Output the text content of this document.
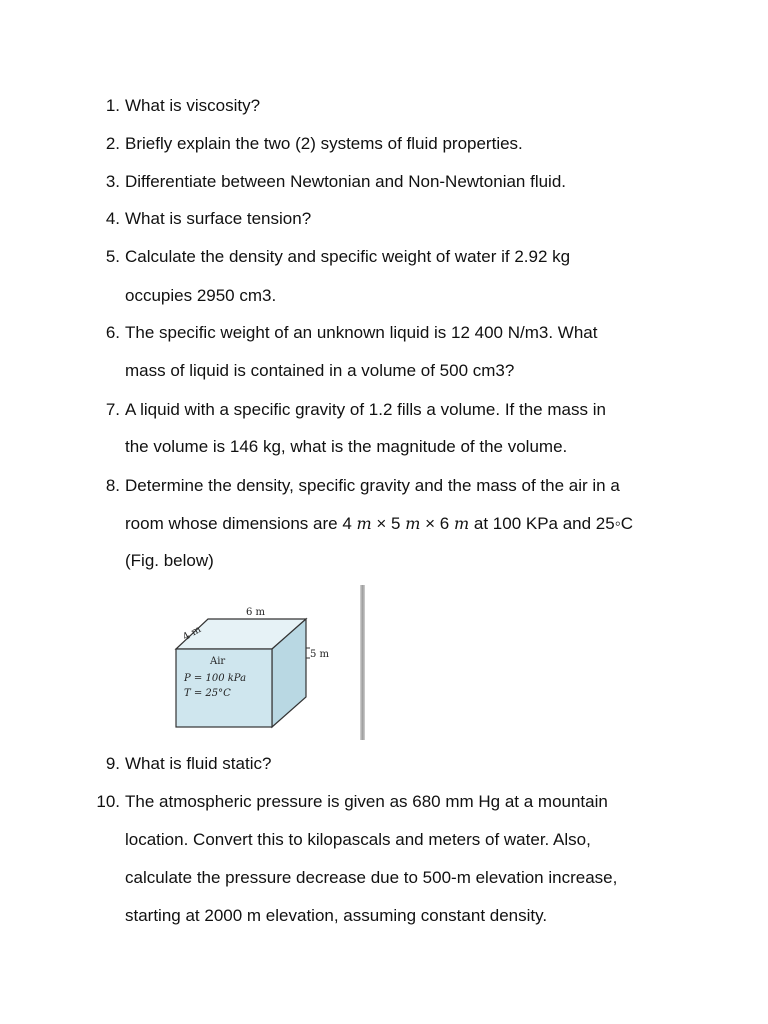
1. What is viscosity?
2. Briefly explain the two (2) systems of fluid properties.
3. Differentiate between Newtonian and Non-Newtonian fluid.
4. What is surface tension?
5. Calculate the density and specific weight of water if 2.92 kg
occupies 2950 cm3.
6. The specific weight of an unknown liquid is 12 400 N/m3. What
mass of liquid is contained in a volume of 500 cm3?
7. A liquid with a specific gravity of 1.2 fills a volume. If the mass in
the volume is 146 kg, what is the magnitude of the volume.
8. Determine the density, specific gravity and the mass of the air in a
room whose dimensions are 4 m × 5 m × 6 m at 100 KPa and 25◦C
(Fig. below)
4 m
6 m
5 m
Air
P = 100 kPa
T = 25°C
9. What is fluid static?
10. The atmospheric pressure is given as 680 mm Hg at a mountain
location. Convert this to kilopascals and meters of water. Also,
calculate the pressure decrease due to 500-m elevation increase,
starting at 2000 m elevation, assuming constant density.
